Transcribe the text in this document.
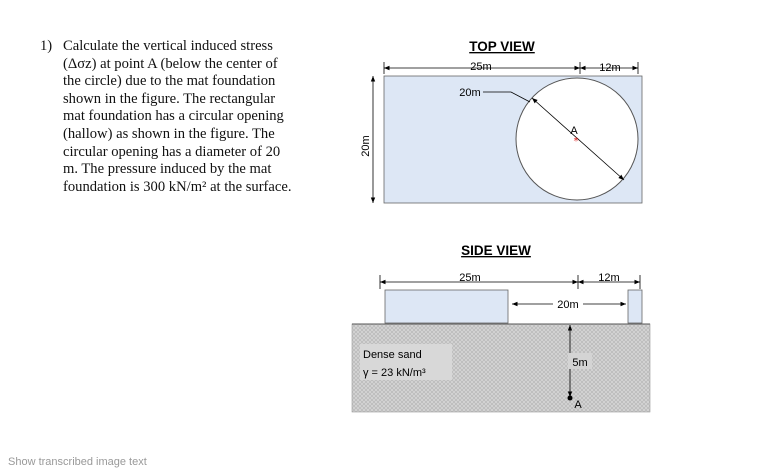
1) Calculate the vertical induced stress
(Δσz) at point A (below the center of
the circle) due to the mat foundation
shown in the figure. The rectangular
mat foundation has a circular opening
(hallow) as shown in the figure. The
circular opening has a diameter of 20
m. The pressure induced by the mat
foundation is 300 kN/m² at the surface.
TOP VIEW
25m	12m
20m
A
*
20m
SIDE VIEW
25m	12m
20m
Dense sand
γ = 23 kN/m³
5m
A
Show transcribed image text
